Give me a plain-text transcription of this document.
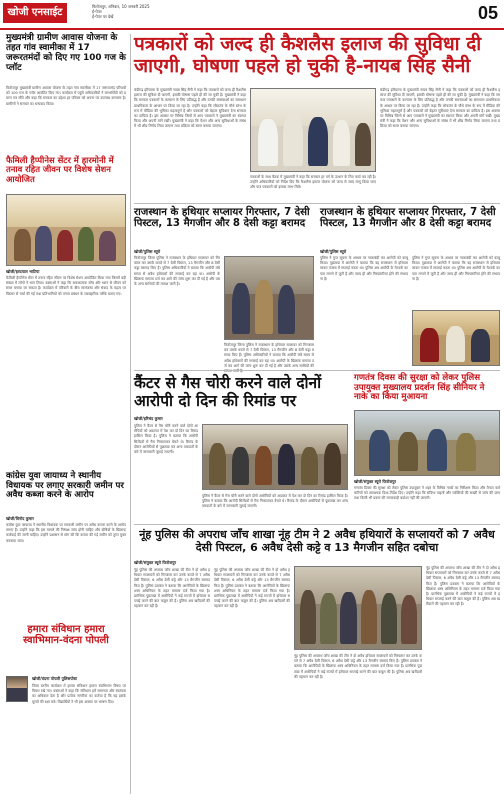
खोजी एनसाईट
फिरोजपुर, शनिवार, 10 जनवरी 2025
ई-पेपर
ई-पेपर पर देखें	05
मुख्यमंत्री ग्रामीण आवास योजना के तहत गांव स्वामीका में 17 जरूरतमंदों को दिए गए 100 गज के प्लॉट
फिरोजपुर मुख्यमंत्री ग्रामीण आवास योजना के तहत गांव स्वामीका में 17 जरूरतमंद परिवारों को 100 गज के प्लॉट आवंटित किए गए। कार्यक्रम में पहुंचे अधिकारियों ने लाभार्थियों को प्रमाण पत्र सौंपे और कहा कि सरकार का उद्देश्य हर परिवार को अपना घर उपलब्ध करवाना है। ग्रामीणों ने सरकार का धन्यवाद किया।
फैमिली हैप्पीनेस सेंटर में हारमोनी में तनाव रहित जीवन पर विशेष सेशन आयोजित
खोजी/हरदयाल भाटिया
फैमिली हैप्पीनेस सेंटर में तनाव रहित जीवन पर विशेष सेशन आयोजित किया गया जिसमें बड़ी संख्या में लोगों ने भाग लिया। वक्ताओं ने कहा कि सकारात्मक सोच और ध्यान से जीवन को सरल बनाया जा सकता है। कार्यक्रम में परिवारों के बीच सामंजस्य और संवाद के महत्व पर विस्तार से चर्चा की गई तथा प्रतिभागियों को तनाव प्रबंधन के व्यावहारिक तरीके बताए गए।
कांग्रेस युवा जायाध्य ने स्थानीय विधायक पर लगाए सरकारी जमीन पर अवैध कब्जा करने के आरोप
खोजी/विनोद कुमार
कांग्रेस युवा जायाध्य ने स्थानीय विधायक पर सरकारी जमीन पर अवैध कब्जा करने के आरोप लगाए हैं। उन्होंने कहा कि इस मामले की निष्पक्ष जांच होनी चाहिए और दोषियों के खिलाफ कार्रवाई की जानी चाहिए। उन्होंने प्रशासन से मांग की कि कब्जा की गई जमीन को तुरंत मुक्त करवाया जाए।
हमारा संविधान हमारा स्वाभिमान-वंदना पोपली
खोजी/वंदना पोपली पुलिसपोस्ट
जिला स्तरीय कार्यक्रम में हमारा संविधान हमारा स्वाभिमान विषय पर विचार रखे गए। वक्ताओं ने कहा कि संविधान हमें समानता और स्वतंत्रता का अधिकार देता है और प्रत्येक नागरिक का कर्तव्य है कि वह इसके मूल्यों की रक्षा करे। विद्यार्थियों ने भी इस अवसर पर भाषण दिए।
पत्रकारों को जल्द ही कैशलैस इलाज की सुविधा दी जाएगी, घोषणा पहले हो चुकी है-नायब सिंह सैनी
चंडीगढ़ हरियाणा के मुख्यमंत्री नायब सिंह सैनी ने कहा कि पत्रकारों को जल्द ही कैशलैस इलाज की सुविधा दी जाएगी, इसकी घोषणा पहले ही की जा चुकी है। मुख्यमंत्री ने कहा कि सरकार पत्रकारों के कल्याण के लिए प्रतिबद्ध है और उनकी समस्याओं का समाधान प्राथमिकता के आधार पर किया जा रहा है। उन्होंने कहा कि लोकतंत्र के चौथे स्तंभ के रूप में मीडिया की भूमिका महत्वपूर्ण है और पत्रकारों को बेहतर सुविधाएं देना सरकार का दायित्व है। इस अवसर पर विभिन्न जिलों से आए पत्रकारों ने मुख्यमंत्री का स्वागत किया और अपनी मांगें रखीं। मुख्यमंत्री ने कहा कि पेंशन और अन्य सुविधाओं के संबंध में भी शीघ्र निर्णय लिया जाएगा तथा प्रक्रिया को सरल बनाया जाएगा।
पत्रकारों के साथ बैठक में मुख्यमंत्री ने कहा कि सरकार हर वर्ग के उत्थान के लिए कार्य कर रही है। उन्होंने अधिकारियों को निर्देश दिए कि कैशलैस इलाज योजना को जल्द से जल्द लागू किया जाए और पात्र पत्रकारों को इसका लाभ मिले।
चंडीगढ़ हरियाणा के मुख्यमंत्री नायब सिंह सैनी ने कहा कि पत्रकारों को जल्द ही कैशलैस इलाज की सुविधा दी जाएगी, इसकी घोषणा पहले ही की जा चुकी है। मुख्यमंत्री ने कहा कि सरकार पत्रकारों के कल्याण के लिए प्रतिबद्ध है और उनकी समस्याओं का समाधान प्राथमिकता के आधार पर किया जा रहा है। उन्होंने कहा कि लोकतंत्र के चौथे स्तंभ के रूप में मीडिया की भूमिका महत्वपूर्ण है और पत्रकारों को बेहतर सुविधाएं देना सरकार का दायित्व है। इस अवसर पर विभिन्न जिलों से आए पत्रकारों ने मुख्यमंत्री का स्वागत किया और अपनी मांगें रखीं। मुख्यमंत्री ने कहा कि पेंशन और अन्य सुविधाओं के संबंध में भी शीघ्र निर्णय लिया जाएगा तथा प्रक्रिया को सरल बनाया जाएगा।
राजस्थान के हथियार सप्लायर गिरफ्तार, 7 देसी पिस्टल, 13 मैगजीन और 8 देसी कट्टा बरामद
खोजी/पुलिस ब्यूरो
फिरोजपुर जिला पुलिस ने राजस्थान के हथियार सप्लायर को गिरफ्तार कर उसके कब्जे से 7 देसी पिस्टल, 13 मैगजीन और 8 देसी कट्टा बरामद किए हैं। पुलिस अधिकारियों ने बताया कि आरोपी लंबे समय से अवैध हथियारों की सप्लाई कर रहा था। आरोपी के खिलाफ मामला दर्ज कर आगे की जांच शुरू कर दी गई है और उसके अन्य साथियों की तलाश जारी है।
फिरोजपुर जिला पुलिस ने राजस्थान के हथियार सप्लायर को गिरफ्तार कर उसके कब्जे से 7 देसी पिस्टल, 13 मैगजीन और 8 देसी कट्टा बरामद किए हैं। पुलिस अधिकारियों ने बताया कि आरोपी लंबे समय से अवैध हथियारों की सप्लाई कर रहा था। आरोपी के खिलाफ मामला दर्ज कर आगे की जांच शुरू कर दी गई है और उसके अन्य साथियों की तलाश जारी है।
राजस्थान के हथियार सप्लायर गिरफ्तार, 7 देसी पिस्टल, 13 मैगजीन और 8 देसी कट्टा बरामद
खोजी/पुलिस ब्यूरो
पुलिस ने गुप्त सूचना के आधार पर नाकाबंदी कर आरोपी को काबू किया। पूछताछ में आरोपी ने बताया कि वह राजस्थान से हथियार लाकर पंजाब में सप्लाई करता था। पुलिस अब आरोपी के नेटवर्क का पता लगाने में जुटी है और जल्द ही और गिरफ्तारियां होने की संभावना है।
पुलिस ने गुप्त सूचना के आधार पर नाकाबंदी कर आरोपी को काबू किया। पूछताछ में आरोपी ने बताया कि वह राजस्थान से हथियार लाकर पंजाब में सप्लाई करता था। पुलिस अब आरोपी के नेटवर्क का पता लगाने में जुटी है और जल्द ही और गिरफ्तारियां होने की संभावना है।
कैंटर से गैस चोरी करने वाले दोनों आरोपी दो दिन की रिमांड पर
खोजी/हरिचंद कुमार
पुलिस ने कैंटर से गैस चोरी करने वाले दोनों आरोपियों को अदालत में पेश कर दो दिन का रिमांड हासिल किया है। पुलिस ने बताया कि आरोपी सिलेंडरों से गैस निकालकर बेचते थे। रिमांड के दौरान आरोपियों से पूछताछ कर अन्य वारदातों के बारे में जानकारी जुटाई जाएगी।
पुलिस ने कैंटर से गैस चोरी करने वाले दोनों आरोपियों को अदालत में पेश कर दो दिन का रिमांड हासिल किया है। पुलिस ने बताया कि आरोपी सिलेंडरों से गैस निकालकर बेचते थे। रिमांड के दौरान आरोपियों से पूछताछ कर अन्य वारदातों के बारे में जानकारी जुटाई जाएगी।
गणतंत्र दिवस की सुरक्षा को लेकर पुलिस उपायुक्त मुख्यालय प्रदर्शन सिंह सीनियर ने नाके का किया मुआयना
खोजी/संयुक्त ब्यूरो फिरोजपुर
गणतंत्र दिवस की सुरक्षा को लेकर पुलिस उपायुक्त ने शहर के विभिन्न नाकों का निरीक्षण किया और तैनात कर्मचारियों को आवश्यक दिशा-निर्देश दिए। उन्होंने कहा कि संदिग्ध वाहनों और व्यक्तियों की सख्ती से जांच की जाए तथा किसी भी प्रकार की लापरवाही बर्दाश्त नहीं की जाएगी।
नूंह पुलिस की अपराध जाँच शाखा नूंह टीम ने 2 अवैध हथियारों के सप्लायरों को 7 अवैध देसी पिस्टल, 6 अवैध देसी कट्टे व 13 मैगजीन सहित दबोचा
खोजी/संयुक्त ब्यूरो फिरोजपुर
नूंह पुलिस की अपराध जाँच शाखा की टीम ने दो अवैध हथियार सप्लायरों को गिरफ्तार कर उनके कब्जे से 7 अवैध देसी पिस्टल, 6 अवैध देसी कट्टे और 13 मैगजीन बरामद किए हैं। पुलिस प्रवक्ता ने बताया कि आरोपियों के खिलाफ शस्त्र अधिनियम के तहत मामला दर्ज किया गया है। प्रारंभिक पूछताछ में आरोपियों ने कई राज्यों में हथियार सप्लाई करने की बात कबूल की है। पुलिस अब खरीदारों की पहचान कर रही है।
नूंह पुलिस की अपराध जाँच शाखा की टीम ने दो अवैध हथियार सप्लायरों को गिरफ्तार कर उनके कब्जे से 7 अवैध देसी पिस्टल, 6 अवैध देसी कट्टे और 13 मैगजीन बरामद किए हैं। पुलिस प्रवक्ता ने बताया कि आरोपियों के खिलाफ शस्त्र अधिनियम के तहत मामला दर्ज किया गया है। प्रारंभिक पूछताछ में आरोपियों ने कई राज्यों में हथियार सप्लाई करने की बात कबूल की है। पुलिस अब खरीदारों की पहचान कर रही है।
नूंह पुलिस की अपराध जाँच शाखा की टीम ने दो अवैध हथियार सप्लायरों को गिरफ्तार कर उनके कब्जे से 7 अवैध देसी पिस्टल, 6 अवैध देसी कट्टे और 13 मैगजीन बरामद किए हैं। पुलिस प्रवक्ता ने बताया कि आरोपियों के खिलाफ शस्त्र अधिनियम के तहत मामला दर्ज किया गया है। प्रारंभिक पूछताछ में आरोपियों ने कई राज्यों में हथियार सप्लाई करने की बात कबूल की है। पुलिस अब खरीदारों की पहचान कर रही है।
नूंह पुलिस की अपराध जाँच शाखा की टीम ने दो अवैध हथियार सप्लायरों को गिरफ्तार कर उनके कब्जे से 7 अवैध देसी पिस्टल, 6 अवैध देसी कट्टे और 13 मैगजीन बरामद किए हैं। पुलिस प्रवक्ता ने बताया कि आरोपियों के खिलाफ शस्त्र अधिनियम के तहत मामला दर्ज किया गया है। प्रारंभिक पूछताछ में आरोपियों ने कई राज्यों में हथियार सप्लाई करने की बात कबूल की है। पुलिस अब खरीदारों की पहचान कर रही है।
